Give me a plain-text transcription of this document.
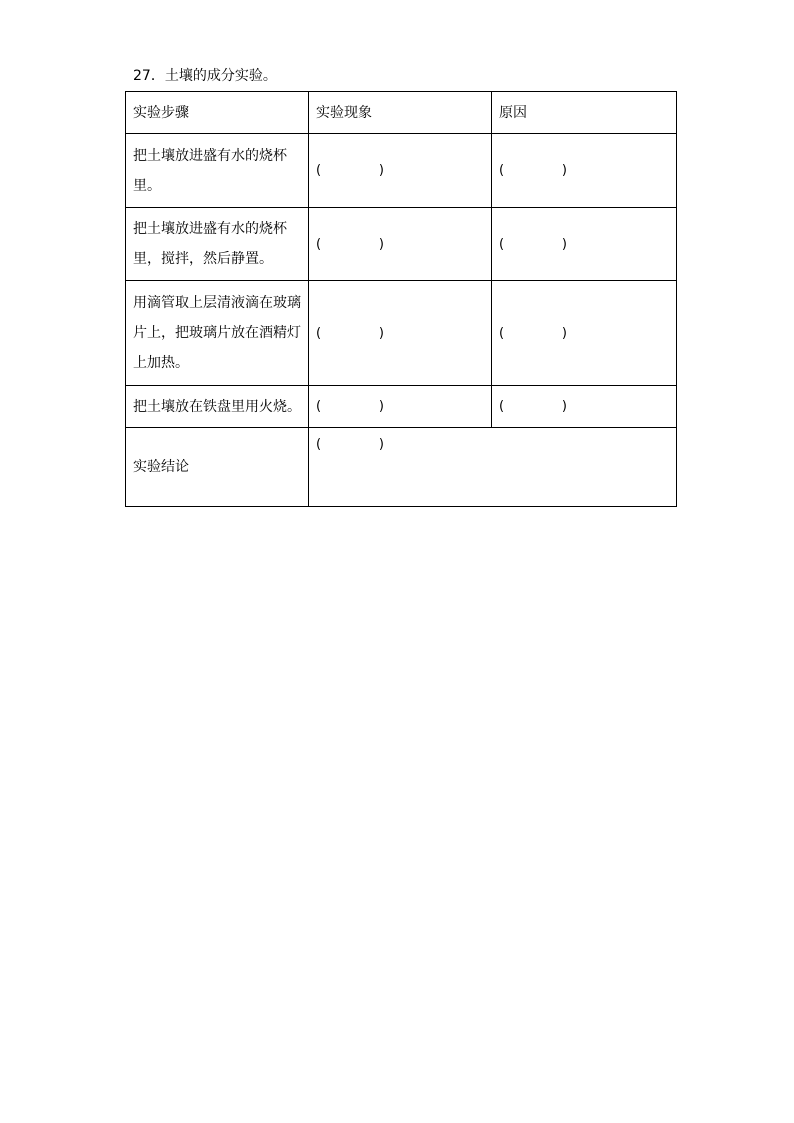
27．土壤的成分实验。
实验步骤	实验现象	原因
把土壤放进盛有水的烧杯里。	(              )	(              )
把土壤放进盛有水的烧杯里，搅拌，然后静置。	(              )	(              )
用滴管取上层清液滴在玻璃片上，把玻璃片放在酒精灯上加热。	(              )	(              )
把土壤放在铁盘里用火烧。	(              )	(              )
实验结论	(              )	
